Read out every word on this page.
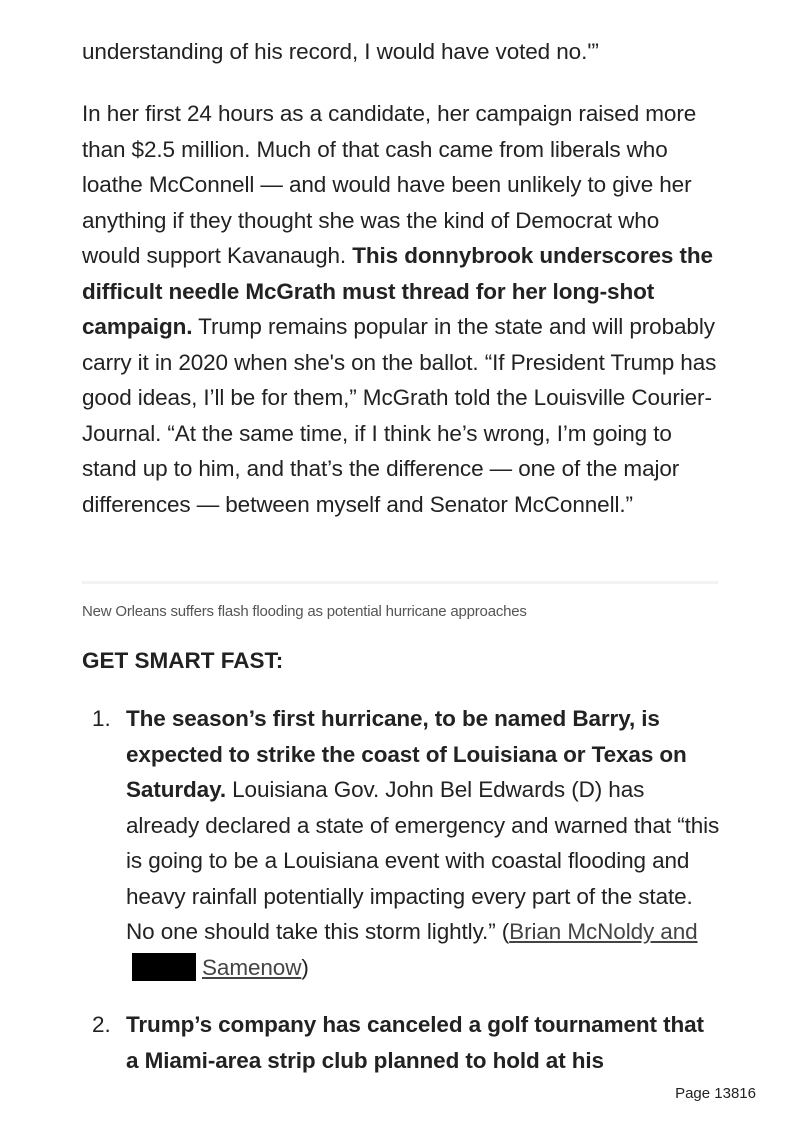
understanding of his record, I would have voted no.'”

In her first 24 hours as a candidate, her campaign raised more than $2.5 million. Much of that cash came from liberals who loathe McConnell — and would have been unlikely to give her anything if they thought she was the kind of Democrat who would support Kavanaugh. This donnybrook underscores the difficult needle McGrath must thread for her long-shot campaign. Trump remains popular in the state and will probably carry it in 2020 when she's on the ballot. “If President Trump has good ideas, I’ll be for them,” McGrath told the Louisville Courier-Journal. “At the same time, if I think he’s wrong, I’m going to stand up to him, and that’s the difference — one of the major differences — between myself and Senator McConnell.”

New Orleans suffers flash flooding as potential hurricane approaches
GET SMART FAST:
1. The season’s first hurricane, to be named Barry, is expected to strike the coast of Louisiana or Texas on Saturday. Louisiana Gov. John Bel Edwards (D) has already declared a state of emergency and warned that “this is going to be a Louisiana event with coastal flooding and heavy rainfall potentially impacting every part of the state. No one should take this storm lightly.” (Brian McNoldy andSamenow)

2. Trump’s company has canceled a golf tournament that a Miami-area strip club planned to hold at his

Page 13816
